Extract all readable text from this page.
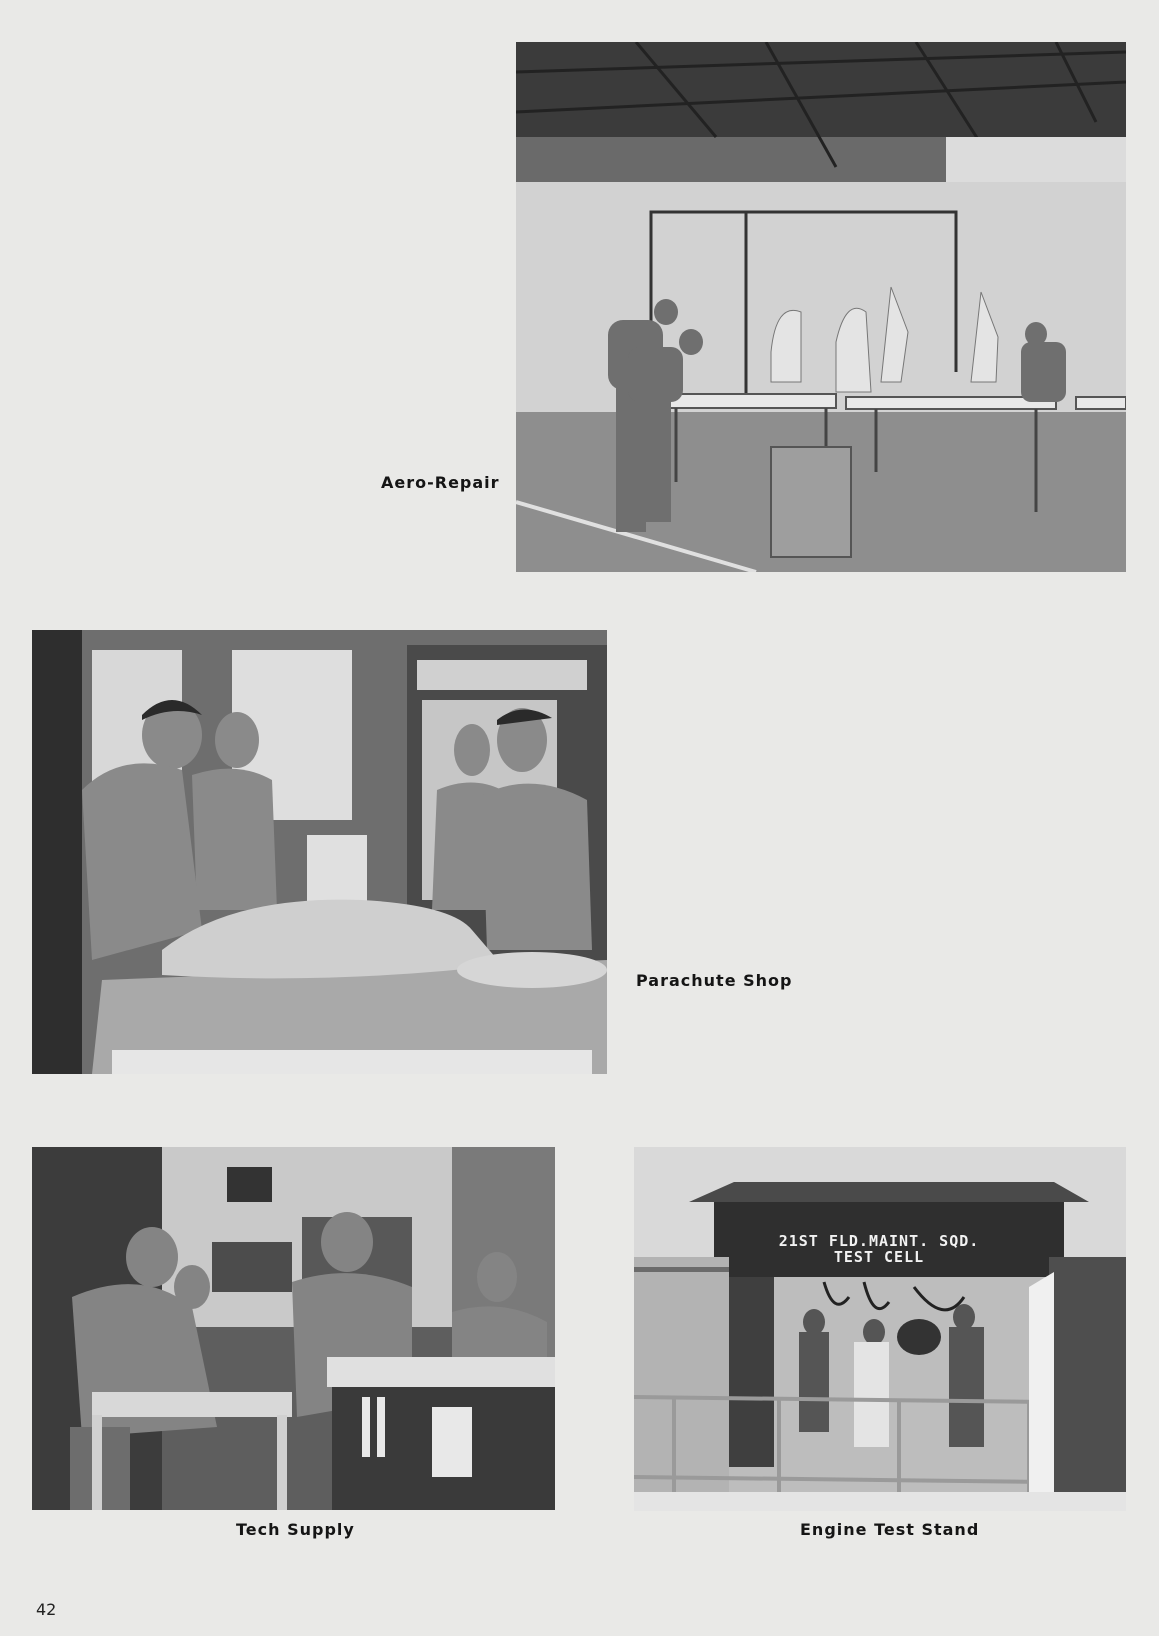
Aero-Repair
Parachute Shop
Tech Supply
21ST FLD.MAINT. SQD.
TEST CELL
Engine Test Stand
42
